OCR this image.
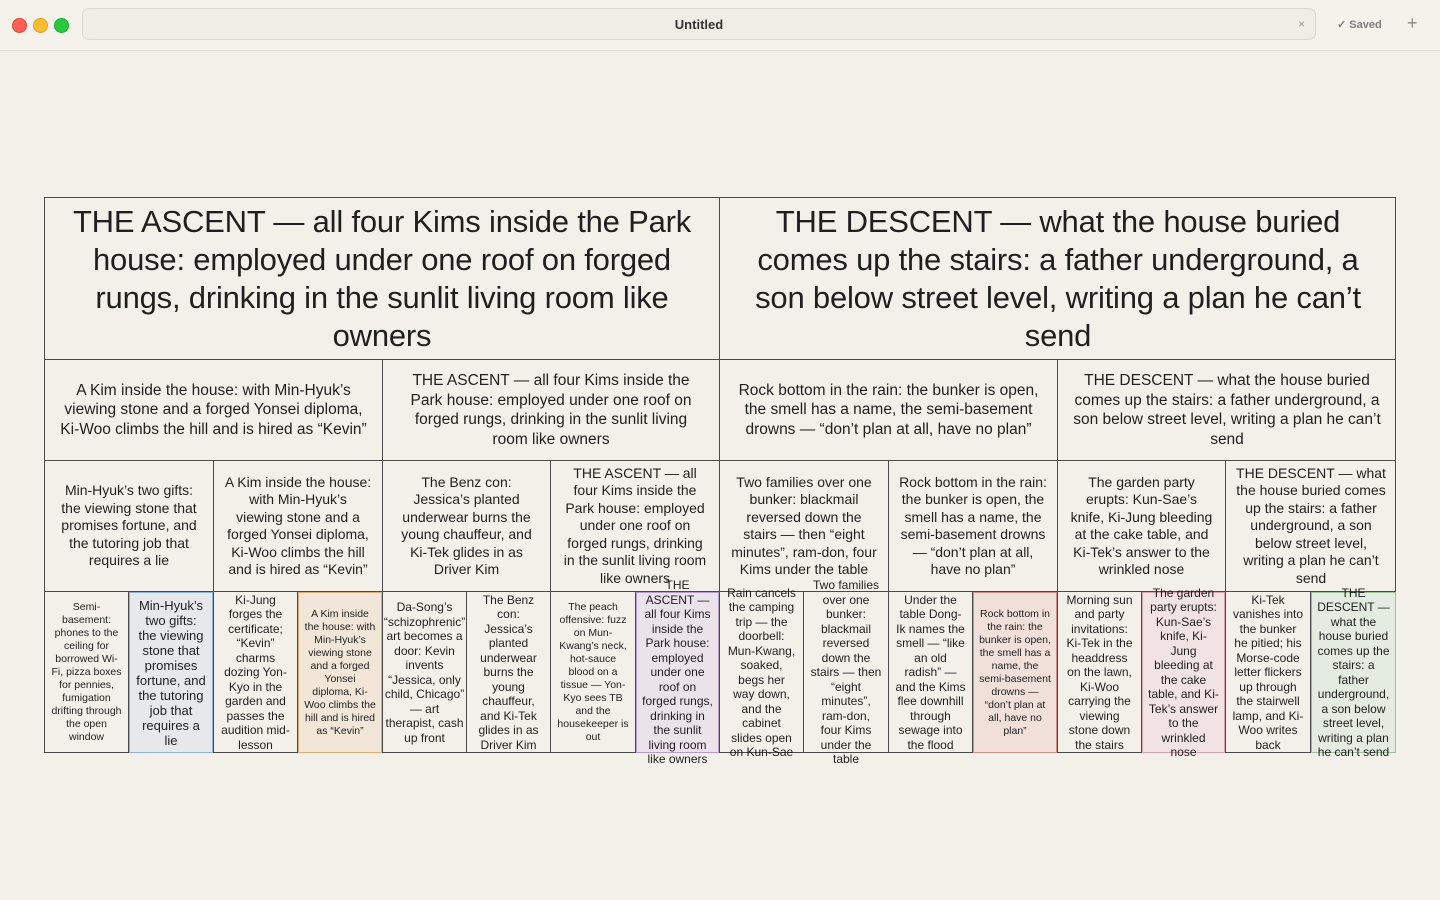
Untitled	×	✓ Saved +
THE ASCENT — all four Kims inside the Park house: employed under one roof on forged rungs, drinking in the sunlit living room like owners
THE DESCENT — what the house buried comes up the stairs: a father underground, a son below street level, writing a plan he can’t send
A Kim inside the house: with Min-Hyuk’s viewing stone and a forged Yonsei diploma, Ki-Woo climbs the hill and is hired as “Kevin”
THE ASCENT — all four Kims inside the Park house: employed under one roof on forged rungs, drinking in the sunlit living room like owners
Rock bottom in the rain: the bunker is open, the smell has a name, the semi-basement drowns — “don’t plan at all, have no plan”
THE DESCENT — what the house buried comes up the stairs: a father underground, a son below street level, writing a plan he can’t send
Min-Hyuk’s two gifts: the viewing stone that promises fortune, and the tutoring job that requires a lie
A Kim inside the house: with Min-Hyuk’s viewing stone and a forged Yonsei diploma, Ki-Woo climbs the hill and is hired as “Kevin”
The Benz con: Jessica’s planted underwear burns the young chauffeur, and Ki-Tek glides in as Driver Kim
THE ASCENT — all four Kims inside the Park house: employed under one roof on forged rungs, drinking in the sunlit living room like owners
Two families over one bunker: blackmail reversed down the stairs — then “eight minutes”, ram-don, four Kims under the table
Rock bottom in the rain: the bunker is open, the smell has a name, the semi-basement drowns — “don’t plan at all, have no plan”
The garden party erupts: Kun-Sae’s knife, Ki-Jung bleeding at the cake table, and Ki-Tek’s answer to the wrinkled nose
THE DESCENT — what the house buried comes up the stairs: a father underground, a son below street level, writing a plan he can’t send
Semi-basement: phones to the ceiling for borrowed Wi-Fi, pizza boxes for pennies, fumigation drifting through the open window
Min-Hyuk’s two gifts: the viewing stone that promises fortune, and the tutoring job that requires a lie
Ki-Jung forges the certificate; “Kevin” charms dozing Yon-Kyo in the garden and passes the audition mid-lesson
A Kim inside the house: with Min-Hyuk’s viewing stone and a forged Yonsei diploma, Ki-Woo climbs the hill and is hired as “Kevin”
Da-Song’s “schizophrenic” art becomes a door: Kevin invents “Jessica, only child, Chicago” — art therapist, cash up front
The Benz con: Jessica’s planted underwear burns the young chauffeur, and Ki-Tek glides in as Driver Kim
The peach offensive: fuzz on Mun-Kwang’s neck, hot-sauce blood on a tissue — Yon-Kyo sees TB and the housekeeper is out
THE ASCENT — all four Kims inside the Park house: employed under one roof on forged rungs, drinking in the sunlit living room like owners
Rain cancels the camping trip — the doorbell: Mun-Kwang, soaked, begs her way down, and the cabinet slides open on Kun-Sae
Two families over one bunker: blackmail reversed down the stairs — then “eight minutes”, ram-don, four Kims under the table
Under the table Dong-Ik names the smell — “like an old radish” — and the Kims flee downhill through sewage into the flood
Rock bottom in the rain: the bunker is open, the smell has a name, the semi-basement drowns — “don’t plan at all, have no plan”
Morning sun and party invitations: Ki-Tek in the headdress on the lawn, Ki-Woo carrying the viewing stone down the stairs
The garden party erupts: Kun-Sae’s knife, Ki-Jung bleeding at the cake table, and Ki-Tek’s answer to the wrinkled nose
Ki-Tek vanishes into the bunker he pitied; his Morse-code letter flickers up through the stairwell lamp, and Ki-Woo writes back
THE DESCENT — what the house buried comes up the stairs: a father underground, a son below street level, writing a plan he can’t send
